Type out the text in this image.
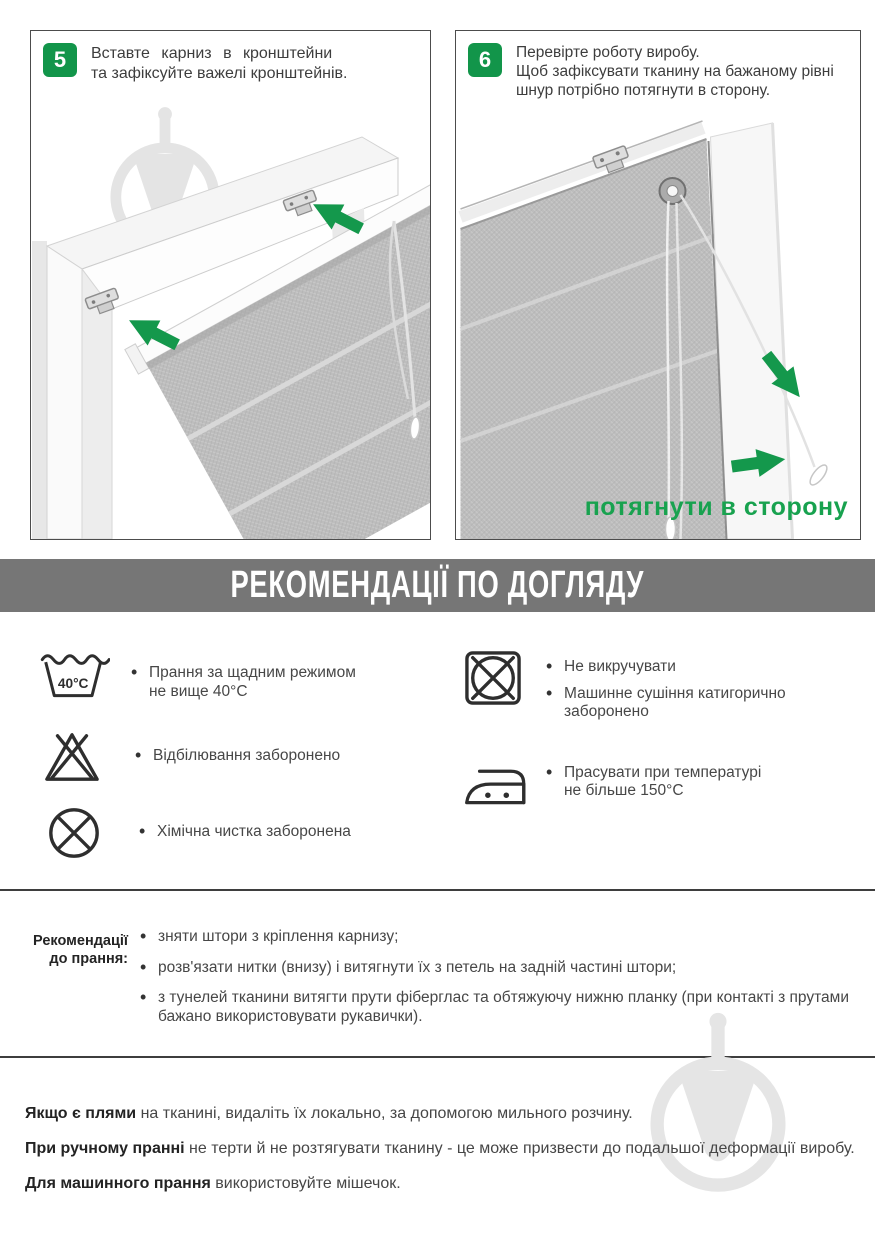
5	Вставте карниз в кронштейни
та зафіксуйте важелі кронштейнів.
6	Перевірте роботу виробу.
Щоб зафіксувати тканину на бажаному рівні
шнур потрібно потягнути в сторону.
потягнути в сторону
РЕКОМЕНДАЦІЇ ПО ДОГЛЯДУ
40°C
• Прання за щадним режимом
не вище 40°С
• Відбілювання заборонено
• Хімічна чистка заборонена
• Не викручувати
• Машинне сушіння катигорично
заборонено
• Прасувати при температурі
не більше 150°С
Рекомендації
до прання:
• зняти штори з кріплення карнизу;
• розв'язати нитки (внизу) і витягнути їх з петель на задній частині штори;
• з тунелей тканини витягти прути фіберглас та обтяжуючу нижню планку (при контакті з прутами бажано використовувати рукавички).

Якщо є плями на тканині, видаліть їх локально, за допомогою мильного розчину.

При ручному пранні не терти й не розтягувати тканину - це може призвести до подальшої деформації виробу.

Для машинного прання використовуйте мішечок.
